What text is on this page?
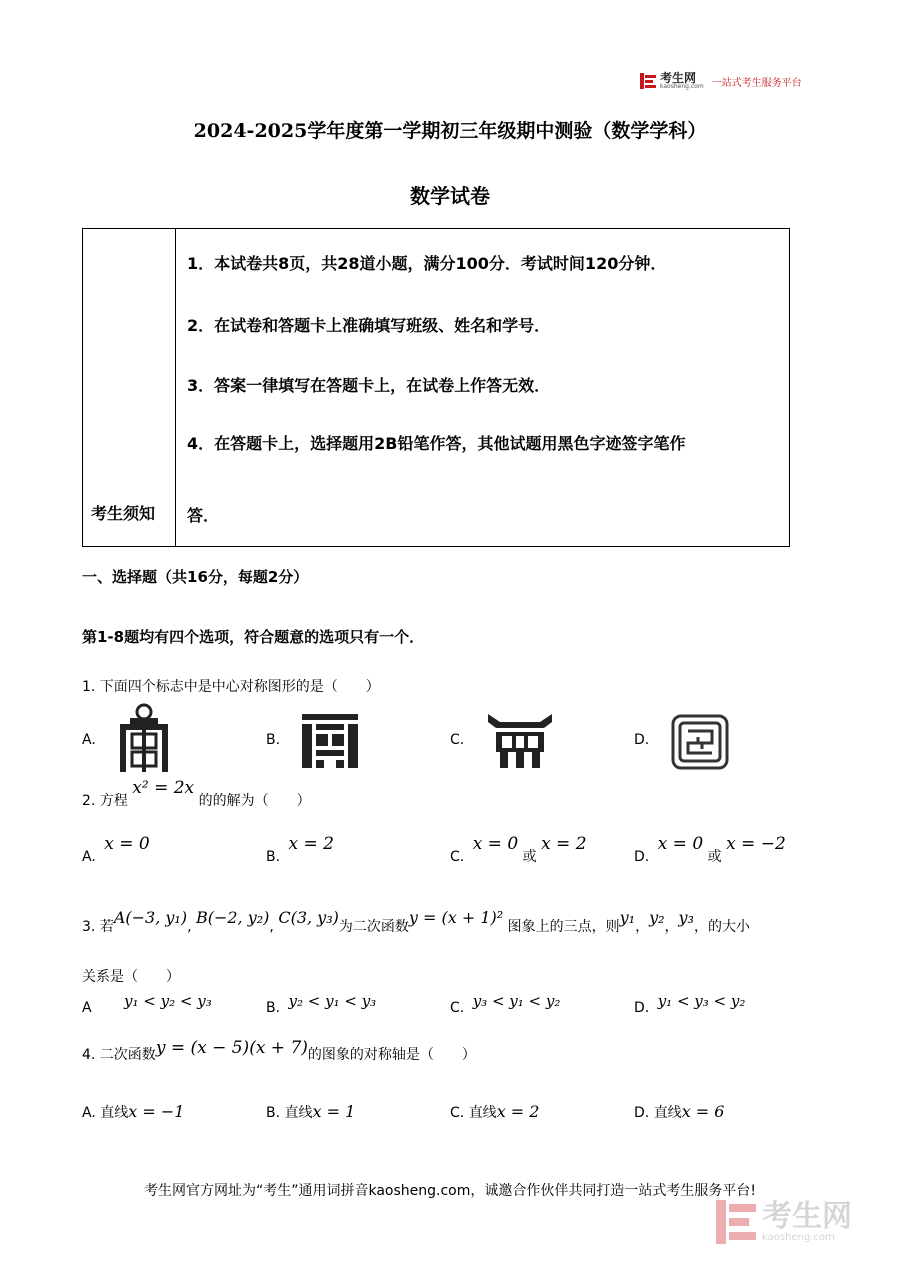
考生网
kaosheng.com 一站式考生服务平台
2024-2025学年度第一学期初三年级期中测验（数学学科）
数学试卷
考生须知
1．本试卷共8页，共28道小题，满分100分．考试时间120分钟．
2．在试卷和答题卡上准确填写班级、姓名和学号．
3．答案一律填写在答题卡上，在试卷上作答无效．
4．在答题卡上，选择题用2B铅笔作答，其他试题用黑色字迹签字笔作
答．
一、选择题（共16分，每题2分）
第1-8题均有四个选项，符合题意的选项只有一个．
1. 下面四个标志中是中心对称图形的是（　　）
A.	B.	C.	D.
2. 方程 x² = 2x 的的解为（　　）
A. x = 0
B. x = 2
C. x = 0 或 x = 2
D. x = 0 或 x = −2
3. 若A(−3, y₁), B(−2, y₂), C(3, y₃)为二次函数y = (x + 1)² 图象上的三点，则y₁，y₂，y₃，的大小
关系是（　　）
A y₁ < y₂ < y₃	B. y₂ < y₁ < y₃	C. y₃ < y₁ < y₂	D. y₁ < y₃ < y₂
4. 二次函数y = (x − 5)(x + 7)的图象的对称轴是（　　）
A. 直线x = −1	B. 直线x = 1	C. 直线x = 2	D. 直线x = 6
考生网官方网址为“考生”通用词拼音kaosheng.com，诚邀合作伙伴共同打造一站式考生服务平台!
考生网
kaosheng.com
